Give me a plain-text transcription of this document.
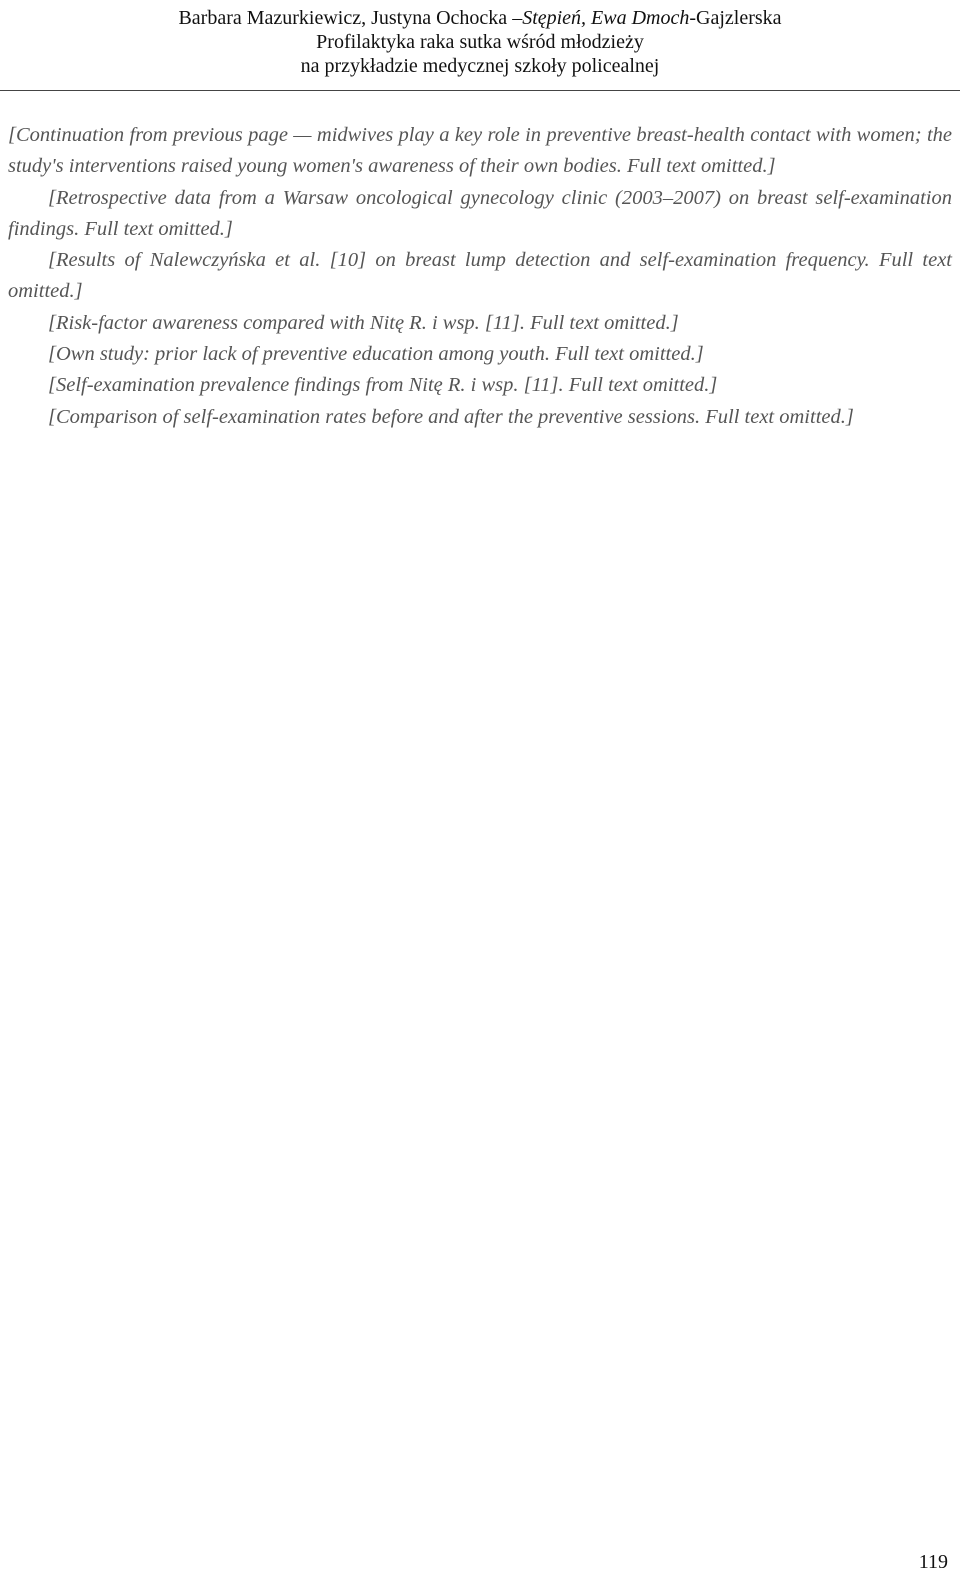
Barbara Mazurkiewicz, Justyna Ochocka –Stępień, Ewa Dmoch-Gajzlerska
Profilaktyka raka sutka wśród młodzieży
na przykładzie medycznej szkoły policealnej

[Continuation from previous page — midwives play a key role in preventive breast-health contact with women; the study's interventions raised young women's awareness of their own bodies. Full text omitted.]

[Retrospective data from a Warsaw oncological gynecology clinic (2003–2007) on breast self-examination findings. Full text omitted.]

[Results of Nalewczyńska et al. [10] on breast lump detection and self-examination frequency. Full text omitted.]

[Risk-factor awareness compared with Nitę R. i wsp. [11]. Full text omitted.]

[Own study: prior lack of preventive education among youth. Full text omitted.]

[Self-examination prevalence findings from Nitę R. i wsp. [11]. Full text omitted.]

[Comparison of self-examination rates before and after the preventive sessions. Full text omitted.]

119
